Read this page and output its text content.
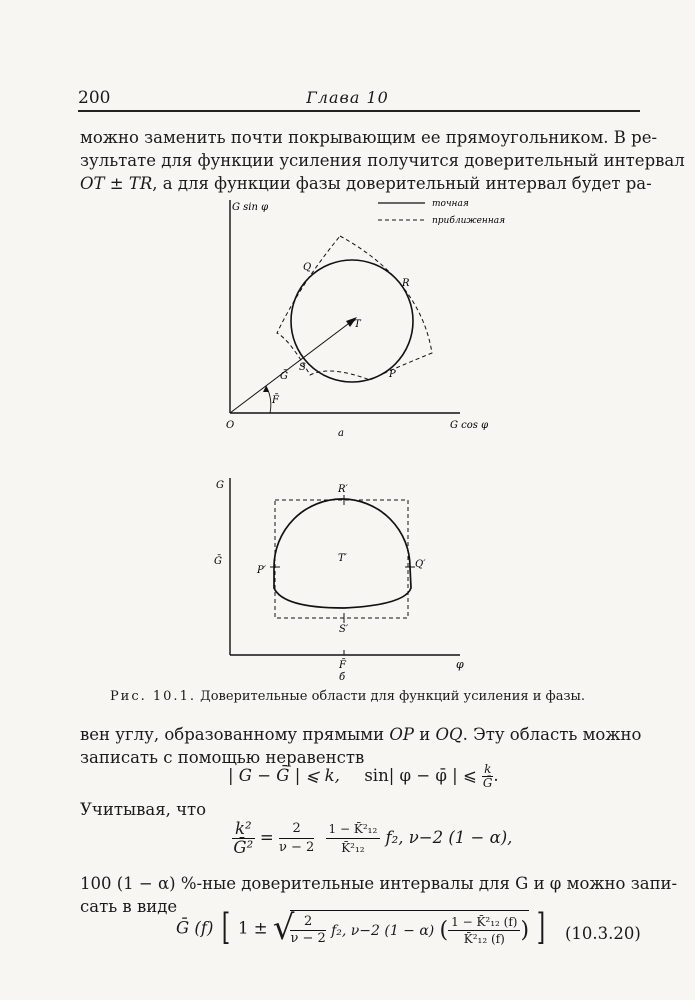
200	Глава 10
можно заменить почти покрывающим ее прямоугольником. В ре-
зультате для функции усиления получится доверительный интервал
OT ± TR, а для функции фазы доверительный интервал будет ра-
точная
приближенная
G sin φ
G cos φ
O
а
Q
R
S
P
T
Ḡ
F̄
G
φ
Ḡ
F̄
б
R′
P′
Q′
S′
T′
Рис. 10.1. Доверительные области для функций усиления и фазы.
вен углу, образованному прямыми OP и OQ. Эту область можно
записать с помощью неравенств
| G − Ḡ | ⩽ k, sin| φ − φ̄ | ⩽ $\frac{k}{\text{Ḡ}}$ .
Учитывая, что
$\frac{\text{k²}}{\text{Ḡ²}} = \frac{2}{\nu - 2}$
$\frac{\text{1 − K̄²₁₂}}{\text{K̄²₁₂}} f_2$, ν−2 (1 − α),
100 (1 − α) %-ные доверительные интервалы для G и φ можно запи-
сать в виде
Ḡ (f) [ 1 ± √
$\frac{2}{\nu - 2} f_2$, ν−2 (1 − α) ( $\frac{\text{1 − K̄²₁₂ (f)}}{\text{K̄²₁₂ (f)}}$ ) ] (10.3.20)
